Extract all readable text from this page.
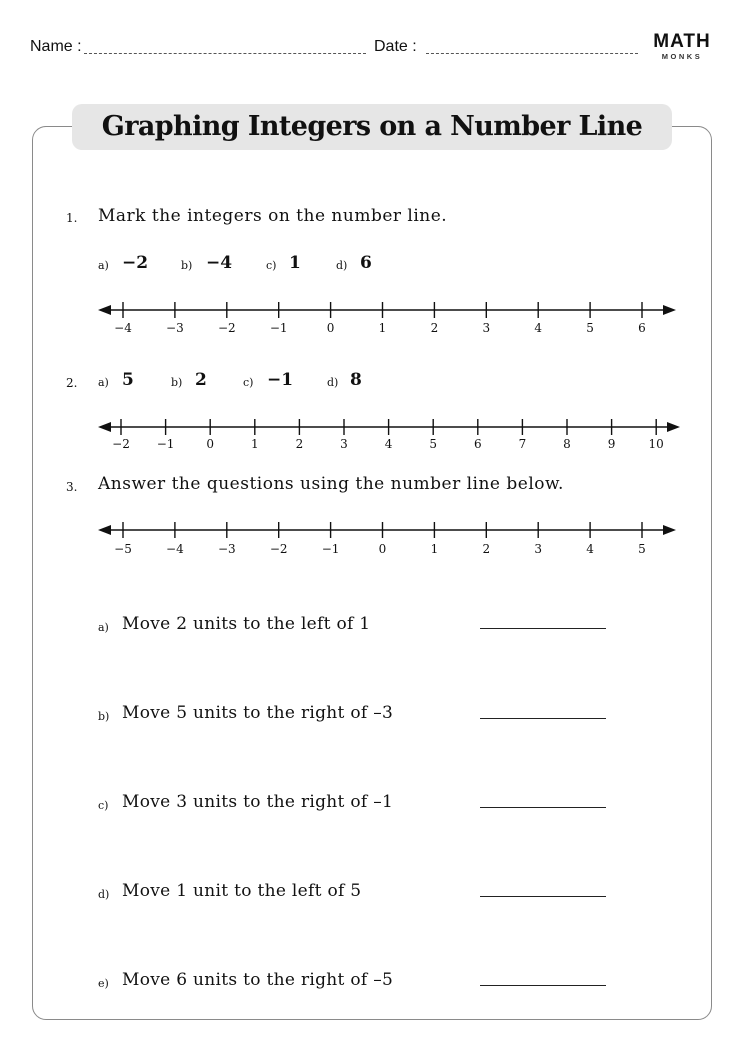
Name :	Date :	MATH
MONKS
Graphing Integers on a Number Line
1. Mark the integers on the number line.
a) −2	b) −4	c) 1	d) 6
−4	−3	−2	−1	0	1	2	3	4	5	6
2. a) 5	b) 2	c) −1	d) 8
−2 −1	0	1	2	3	4	5	6	7	8	9	10
3. Answer the questions using the number line below.
−5	−4	−3	−2	−1	0	1	2	3	4	5
a) Move 2 units to the left of 1
b) Move 5 units to the right of –3
c) Move 3 units to the right of –1
d) Move 1 unit to the left of 5
e) Move 6 units to the right of –5
